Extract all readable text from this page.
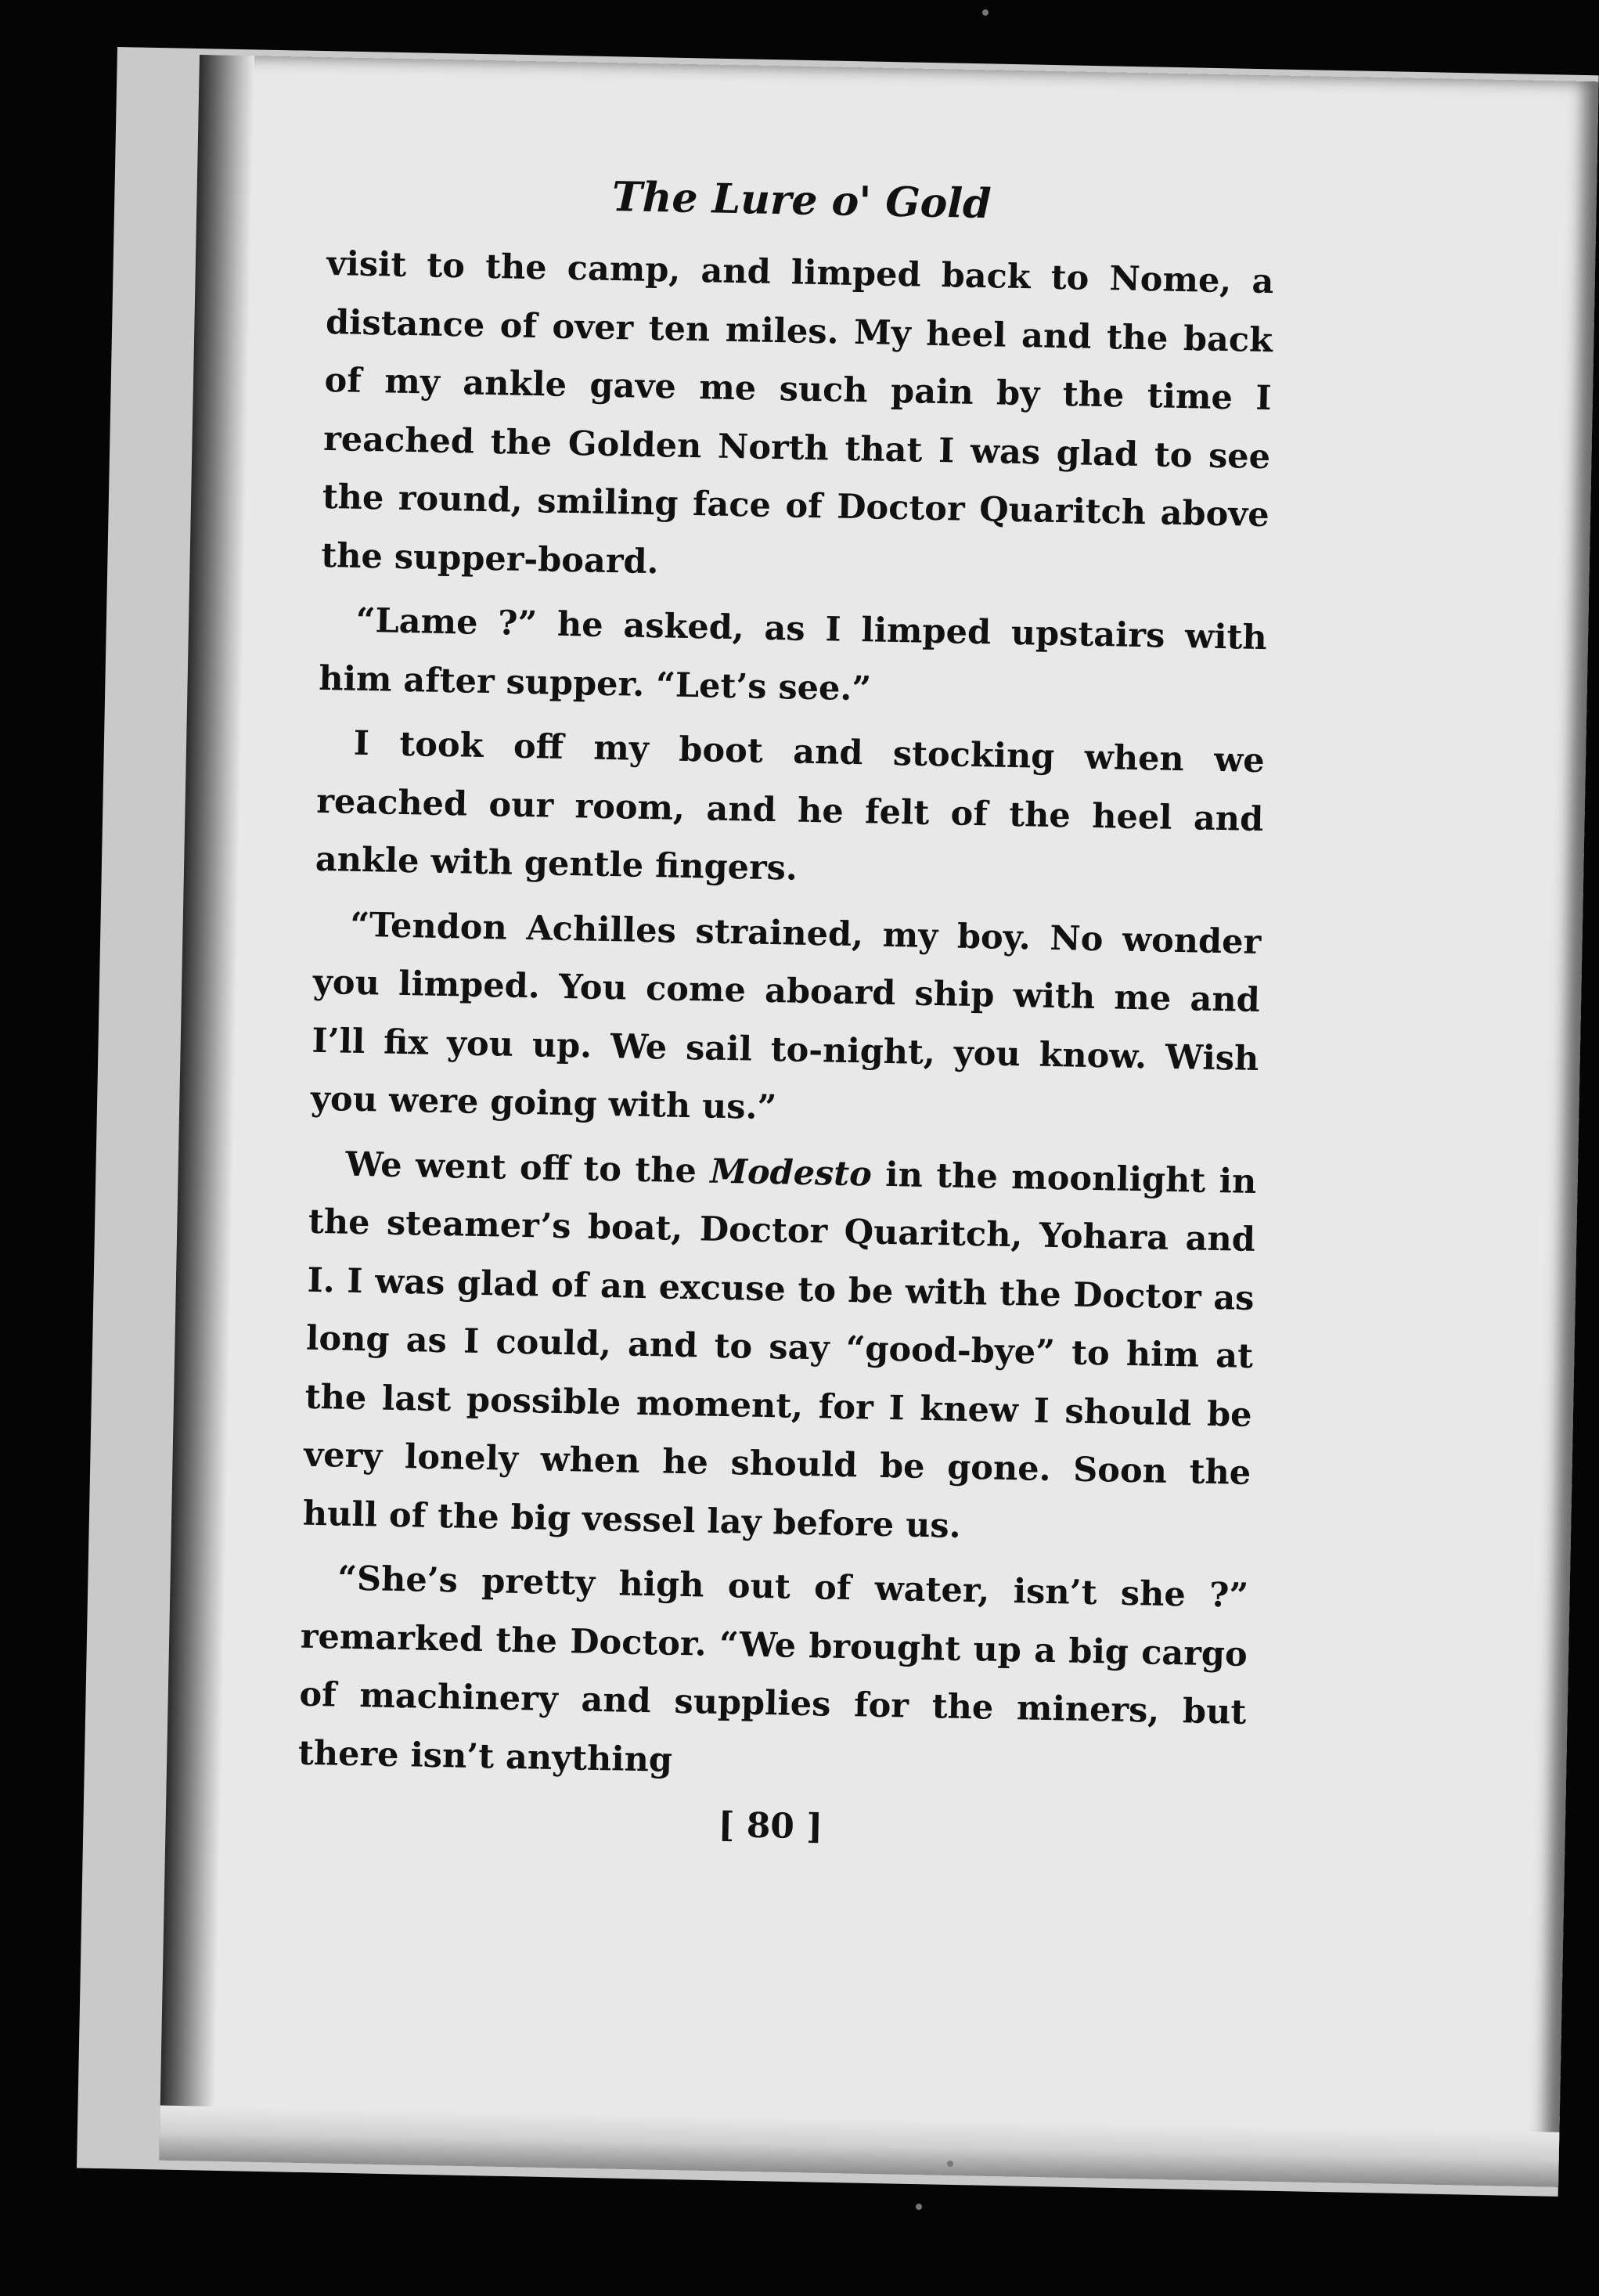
The Lure o' Gold

visit to the camp, and limped back to Nome, a distance of over ten miles. My heel and the back of my ankle gave me such pain by the time I reached the Golden North that I was glad to see the round, smiling face of Doctor Quaritch above the supper-board.

“Lame ?” he asked, as I limped upstairs with him after supper. “Let’s see.”

I took off my boot and stocking when we reached our room, and he felt of the heel and ankle with gentle fingers.

“Tendon Achilles strained, my boy. No wonder you limped. You come aboard ship with me and I’ll fix you up. We sail to-night, you know. Wish you were going with us.”

We went off to the Modesto in the moonlight in the steamer’s boat, Doctor Quaritch, Yohara and I. I was glad of an excuse to be with the Doctor as long as I could, and to say “good-bye” to him at the last possible moment, for I knew I should be very lonely when he should be gone. Soon the hull of the big vessel lay before us.

“She’s pretty high out of water, isn’t she ?” remarked the Doctor. “We brought up a big cargo of machinery and supplies for the miners, but there isn’t anything

[ 80 ]
